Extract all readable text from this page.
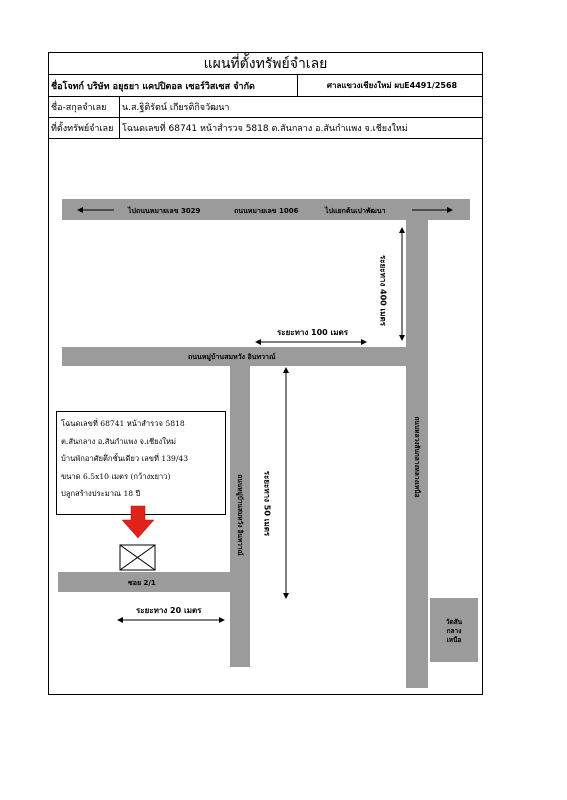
แผนที่ตั้งทรัพย์จำเลย
ชื่อโจทก์ บริษัท อยุธยา แคปปิตอล เซอร์วิสเซส จำกัด	ศาลแขวงเชียงใหม่ ผบE4491/2568
ชื่อ-สกุลจำเลย	น.ส.ฐิติรัตน์ เกียรติกิจวัฒนา
ที่ตั้งทรัพย์จำเลย โฉนดเลขที่ 68741 หน้าสำรวจ 5818 ต.สันกลาง อ.สันกำแพง จ.เชียงใหม่
ไปถนนหมายเลข 3029	ถนนหมายเลข 1006	ไปแยกต้นเปาพัฒนา
ถนนหมู่บ้านสมหวัง อินทวาณ์
ซอย 2/1
ระยะทาง 100 เมตร
ระยะทาง 20 เมตร
ระยะทาง 400 เมตร
ระยะทาง 50 เมตร
ถนนหมู่บ้านสมหวัง อินทวาณ์
ถนนหลวงสันกลางหลวงเหนือ
วัดสัน
กลาง
เหนือ
โฉนดเลขที่ 68741 หน้าสำรวจ 5818
ต.สันกลาง อ.สันกำแพง จ.เชียงใหม่
บ้านพักอาศัยตึกชั้นเดียว เลขที่ 139/43
ขนาด 6.5x10 เมตร (กว้างxยาว)
ปลูกสร้างประมาณ 18 ปี
